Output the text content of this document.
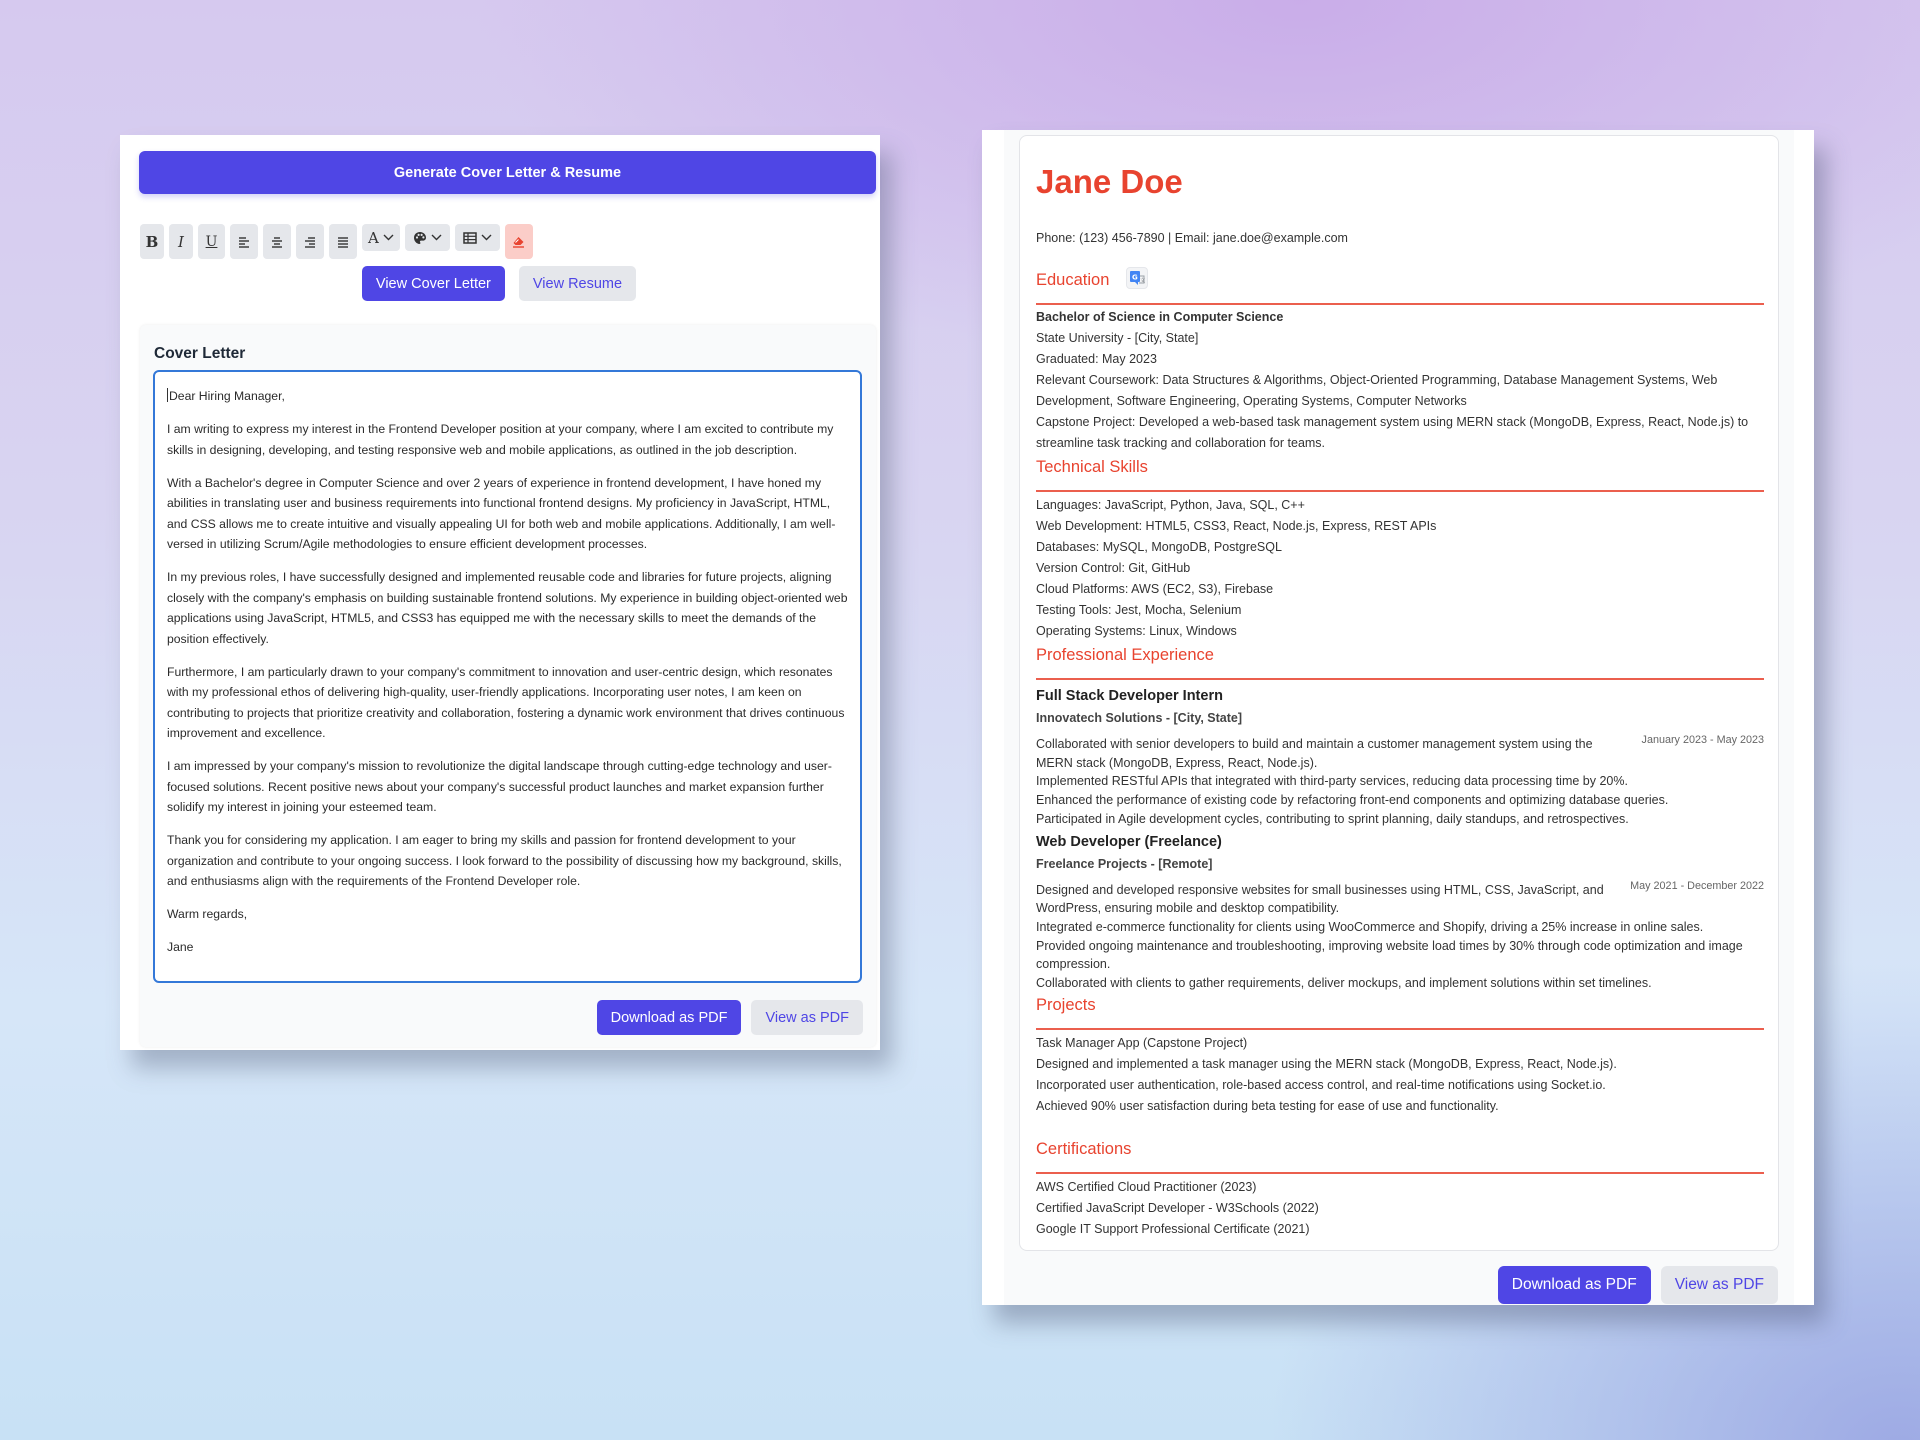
Generate Cover Letter & Resume
B I U	A
View Cover Letter	View Resume
Cover Letter

Dear Hiring Manager,

I am writing to express my interest in the Frontend Developer position at your company, where I am excited to contribute my skills in designing, developing, and testing responsive web and mobile applications, as outlined in the job description.

With a Bachelor's degree in Computer Science and over 2 years of experience in frontend development, I have honed my abilities in translating user and business requirements into functional frontend designs. My proficiency in JavaScript, HTML, and CSS allows me to create intuitive and visually appealing UI for both web and mobile applications. Additionally, I am well-versed in utilizing Scrum/Agile methodologies to ensure efficient development processes.

In my previous roles, I have successfully designed and implemented reusable code and libraries for future projects, aligning closely with the company's emphasis on building sustainable frontend solutions. My experience in building object-oriented web applications using JavaScript, HTML5, and CSS3 has equipped me with the necessary skills to meet the demands of the position effectively.

Furthermore, I am particularly drawn to your company's commitment to innovation and user-centric design, which resonates with my professional ethos of delivering high-quality, user-friendly applications. Incorporating user notes, I am keen on contributing to projects that prioritize creativity and collaboration, fostering a dynamic work environment that drives continuous improvement and excellence.

I am impressed by your company's mission to revolutionize the digital landscape through cutting-edge technology and user-focused solutions. Recent positive news about your company's successful product launches and market expansion further solidify my interest in joining your esteemed team.

Thank you for considering my application. I am eager to bring my skills and passion for frontend development to your organization and contribute to your ongoing success. I look forward to the possibility of discussing how my background, skills, and enthusiasms align with the requirements of the Frontend Developer role.

Warm regards,

Jane

Download as PDF	View as PDF
Jane Doe
Phone: (123) 456-7890 | Email: jane.doe@example.com
Education	G 文
Bachelor of Science in Computer Science
State University - [City, State]
Graduated: May 2023
Relevant Coursework: Data Structures & Algorithms, Object-Oriented Programming, Database Management Systems, Web Development, Software Engineering, Operating Systems, Computer Networks
Capstone Project: Developed a web-based task management system using MERN stack (MongoDB, Express, React, Node.js) to streamline task tracking and collaboration for teams.
Technical Skills
Languages: JavaScript, Python, Java, SQL, C++
Web Development: HTML5, CSS3, React, Node.js, Express, REST APIs
Databases: MySQL, MongoDB, PostgreSQL
Version Control: Git, GitHub
Cloud Platforms: AWS (EC2, S3), Firebase
Testing Tools: Jest, Mocha, Selenium
Operating Systems: Linux, Windows
Professional Experience
Full Stack Developer Intern
Innovatech Solutions - [City, State]
January 2023 - May 2023
Collaborated with senior developers to build and maintain a customer management system using the MERN stack (MongoDB, Express, React, Node.js).
Implemented RESTful APIs that integrated with third-party services, reducing data processing time by 20%.
Enhanced the performance of existing code by refactoring front-end components and optimizing database queries.
Participated in Agile development cycles, contributing to sprint planning, daily standups, and retrospectives.
Web Developer (Freelance)
Freelance Projects - [Remote]
May 2021 - December 2022
Designed and developed responsive websites for small businesses using HTML, CSS, JavaScript, and WordPress, ensuring mobile and desktop compatibility.
Integrated e-commerce functionality for clients using WooCommerce and Shopify, driving a 25% increase in online sales.
Provided ongoing maintenance and troubleshooting, improving website load times by 30% through code optimization and image compression.
Collaborated with clients to gather requirements, deliver mockups, and implement solutions within set timelines.
Projects
Task Manager App (Capstone Project)
Designed and implemented a task manager using the MERN stack (MongoDB, Express, React, Node.js).
Incorporated user authentication, role-based access control, and real-time notifications using Socket.io.
Achieved 90% user satisfaction during beta testing for ease of use and functionality.
Certifications
AWS Certified Cloud Practitioner (2023)
Certified JavaScript Developer - W3Schools (2022)
Google IT Support Professional Certificate (2021)
Download as PDF	View as PDF
